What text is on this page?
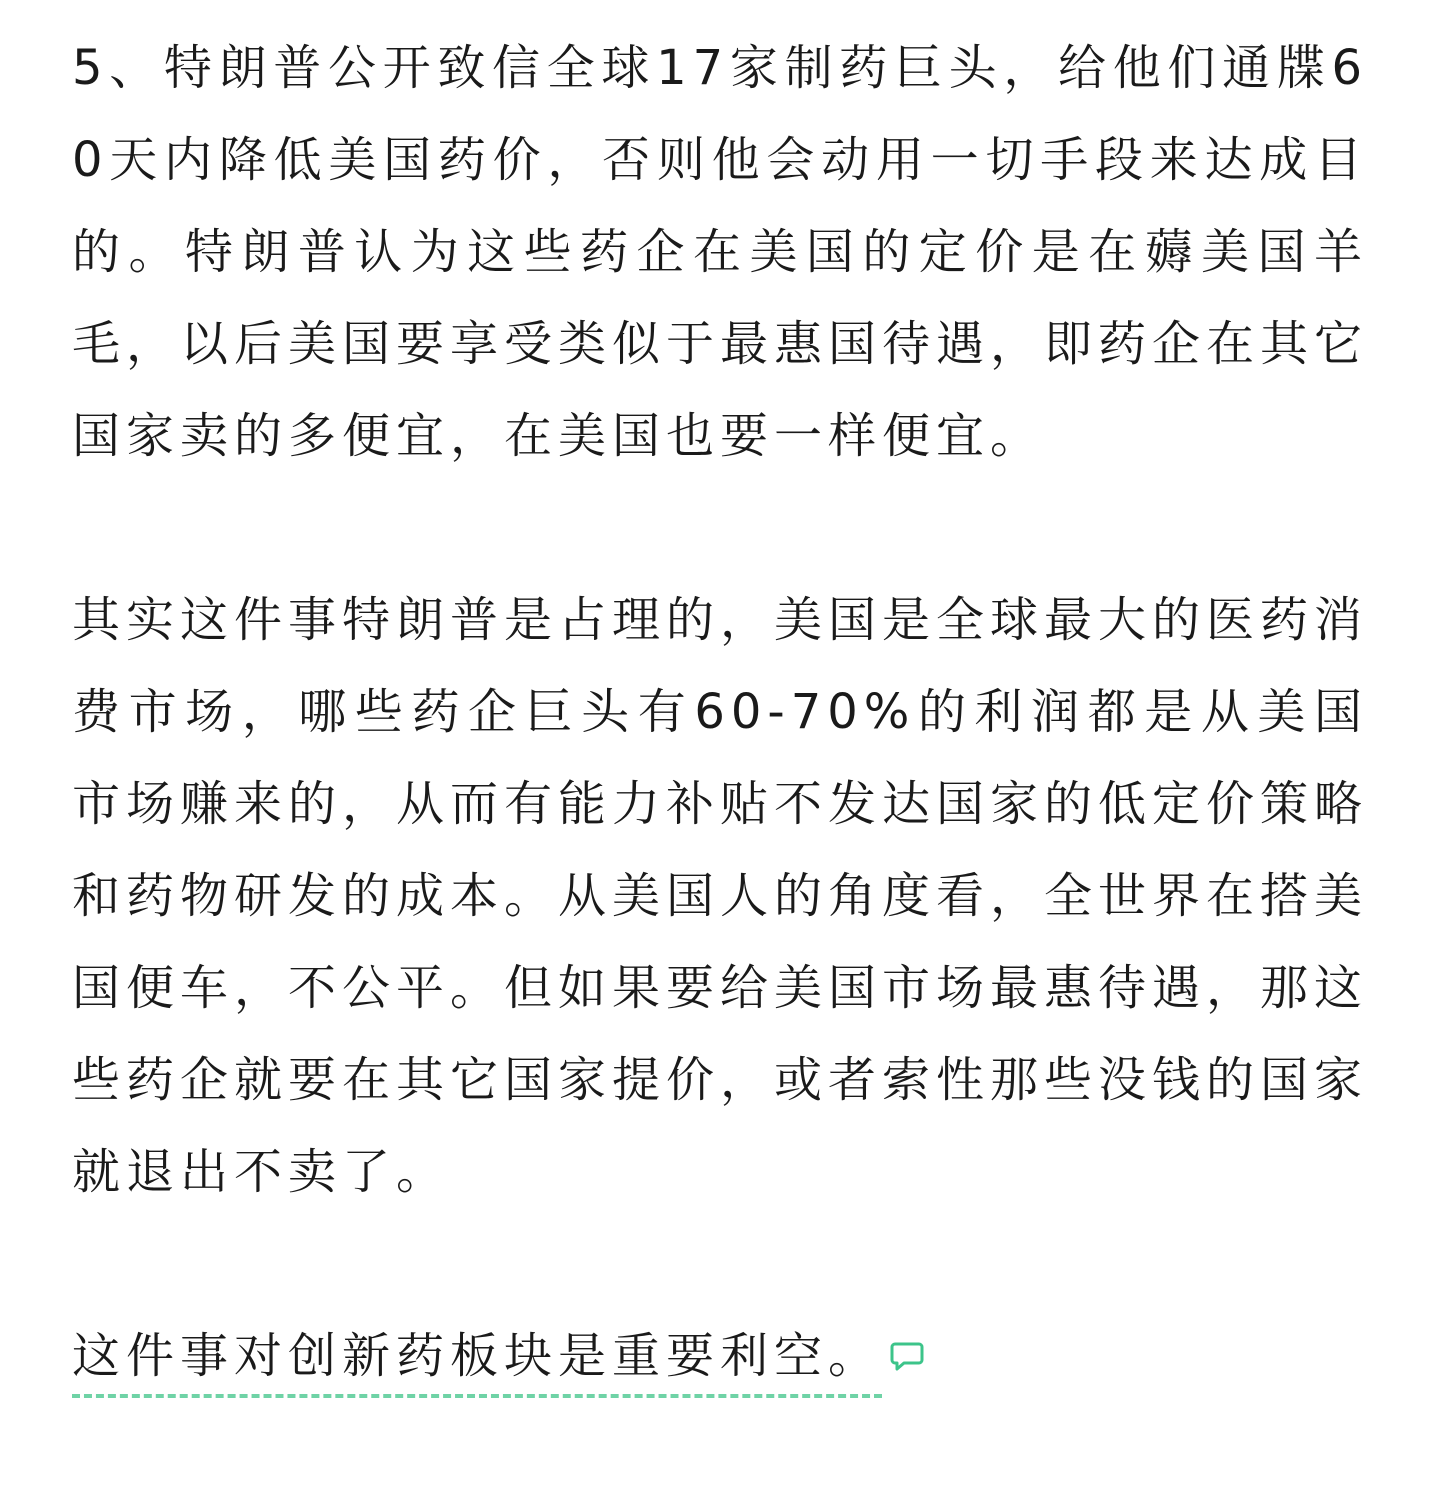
5、特朗普公开致信全球17家制药巨头，给他们通牒60天内降低美国药价，否则他会动用一切手段来达成目的。特朗普认为这些药企在美国的定价是在薅美国羊毛，以后美国要享受类似于最惠国待遇，即药企在其它国家卖的多便宜，在美国也要一样便宜。

其实这件事特朗普是占理的，美国是全球最大的医药消费市场，哪些药企巨头有60-70%的利润都是从美国市场赚来的，从而有能力补贴不发达国家的低定价策略和药物研发的成本。从美国人的角度看，全世界在搭美国便车，不公平。但如果要给美国市场最惠待遇，那这些药企就要在其它国家提价，或者索性那些没钱的国家就退出不卖了。

这件事对创新药板块是重要利空。
